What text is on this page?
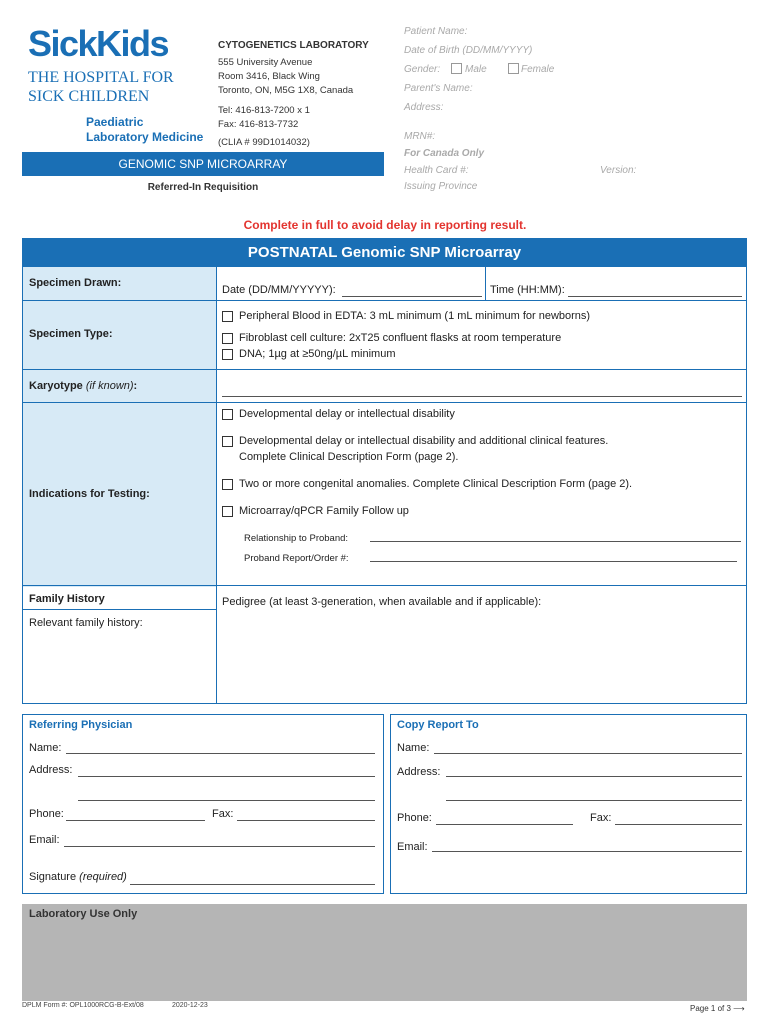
SickKids
THE HOSPITAL FOR
SICK CHILDREN
Paediatric
Laboratory Medicine
CYTOGENETICS LABORATORY
555 University Avenue
Room 3416, Black Wing
Toronto, ON, M5G 1X8, Canada
Tel: 416-813-7200 x 1
Fax: 416-813-7732
(CLIA # 99D1014032)
GENOMIC SNP MICROARRAY
Referred-In Requisition
Patient Name:
Date of Birth (DD/MM/YYYY)
Gender: Male	Female
Parent's Name:
Address:
MRN#:
For Canada Only
Health Card #:	Version:
Issuing Province
Complete in full to avoid delay in reporting result.
POSTNATAL Genomic SNP Microarray
Specimen Drawn:
Date (DD/MM/YYYYY):	Time (HH:MM):
Specimen Type:
Peripheral Blood in EDTA: 3 mL minimum (1 mL minimum for newborns)
Fibroblast cell culture: 2xT25 confluent flasks at room temperature
DNA; 1µg at ≥50ng/µL minimum
Karyotype (if known):
Indications for Testing:
Developmental delay or intellectual disability
Developmental delay or intellectual disability and additional clinical features.
Complete Clinical Description Form (page 2).
Two or more congenital anomalies. Complete Clinical Description Form (page 2).
Microarray/qPCR Family Follow up
Relationship to Proband:
Proband Report/Order #:
Family History
Relevant family history:
Pedigree (at least 3-generation, when available and if applicable):
Referring Physician
Name:
Address:
Phone:	Fax:
Email:
Signature (required)
Copy Report To
Name:
Address:
Phone:	Fax:
Email:
Laboratory Use Only
DPLM Form #: OPL1000RCG-B-Ext/08	2020-12-23	Page 1 of 3 ⟶
